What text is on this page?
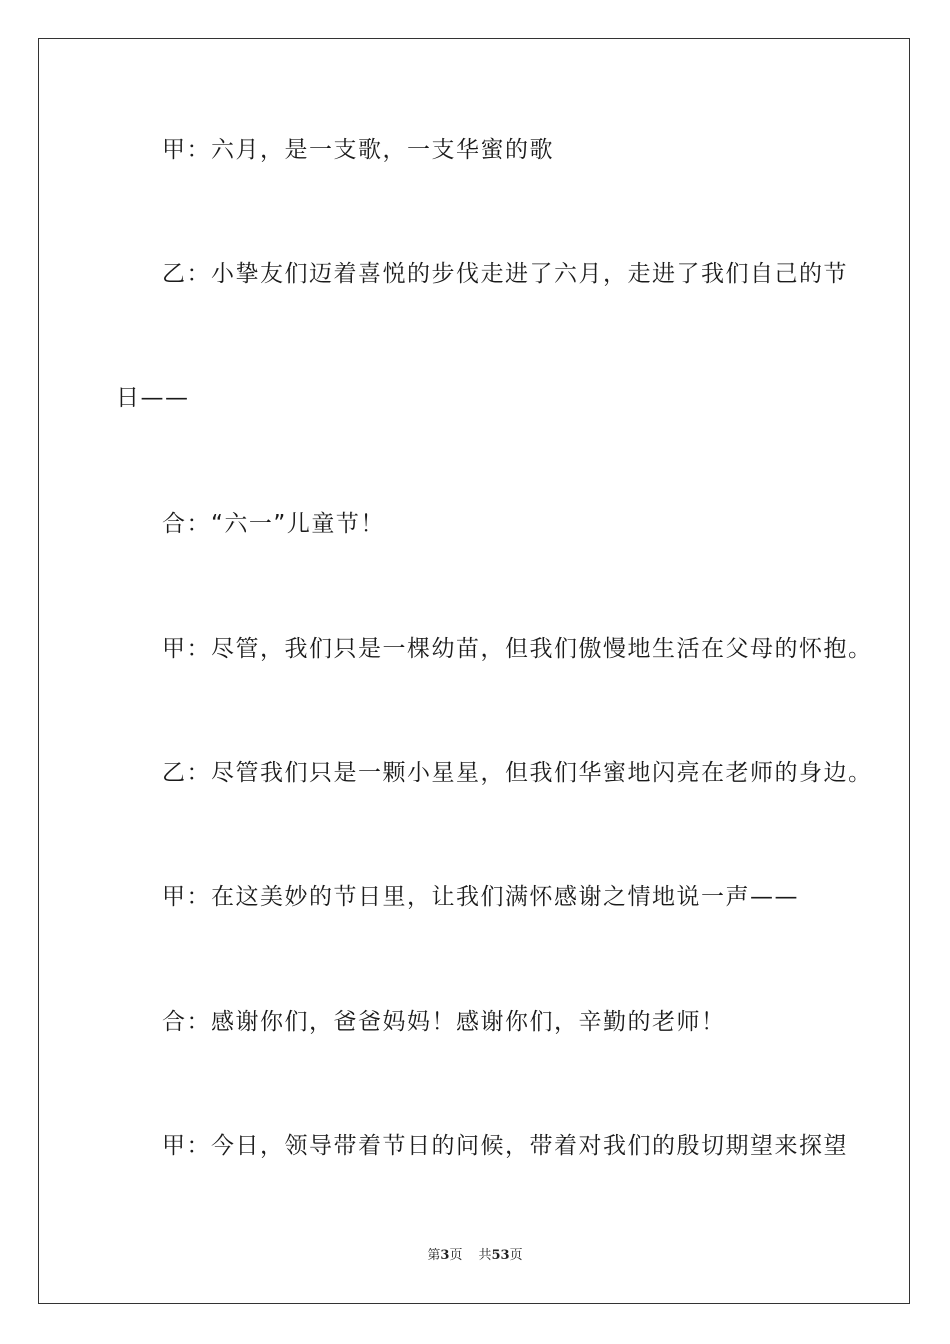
甲：六月，是一支歌，一支华蜜的歌
乙：小挚友们迈着喜悦的步伐走进了六月，走进了我们自己的节
日——
合：“六一”儿童节！
甲：尽管，我们只是一棵幼苗，但我们傲慢地生活在父母的怀抱。
乙：尽管我们只是一颗小星星，但我们华蜜地闪亮在老师的身边。
甲：在这美妙的节日里，让我们满怀感谢之情地说一声——
合：感谢你们，爸爸妈妈！感谢你们，辛勤的老师！
甲：今日，领导带着节日的问候，带着对我们的殷切期望来探望
第3页 共53页
